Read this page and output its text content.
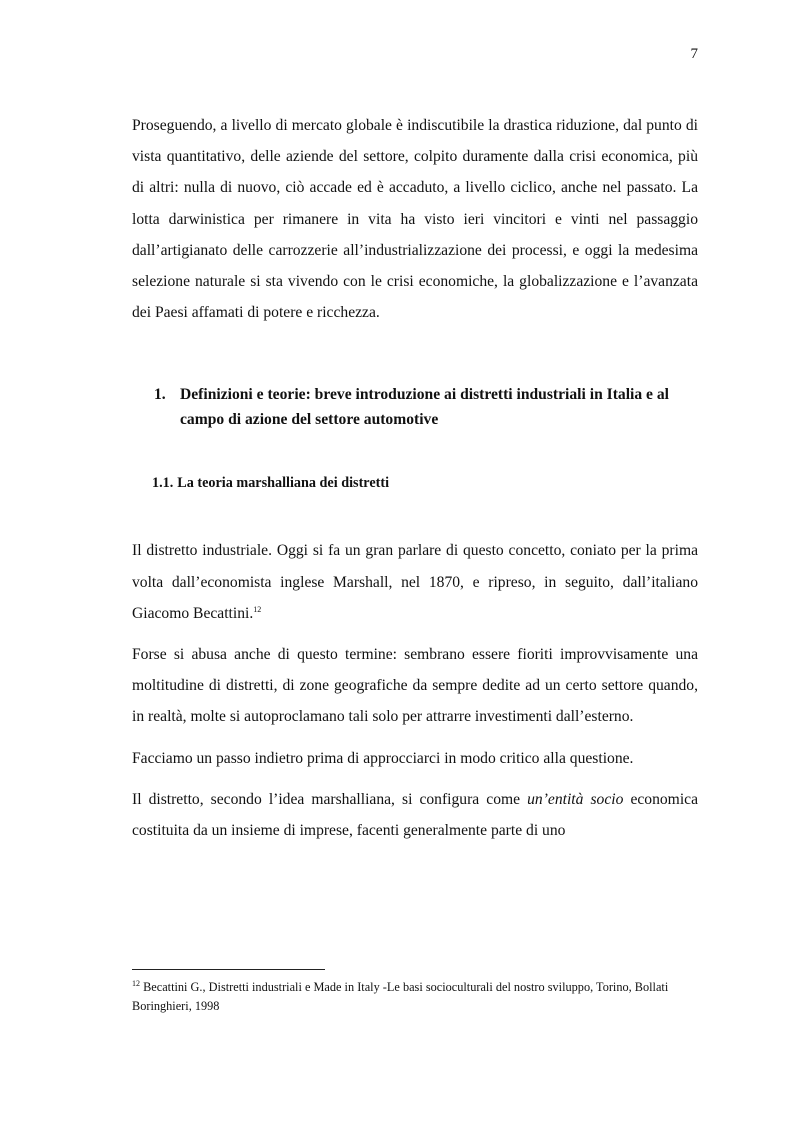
7

Proseguendo, a livello di mercato globale è indiscutibile la drastica riduzione, dal punto di vista quantitativo, delle aziende del settore, colpito duramente dalla crisi economica, più di altri: nulla di nuovo, ciò accade ed è accaduto, a livello ciclico, anche nel passato. La lotta darwinistica per rimanere in vita ha visto ieri vincitori e vinti nel passaggio dall’artigianato delle carrozzerie all’industrializzazione dei processi, e oggi la medesima selezione naturale si sta vivendo con le crisi economiche, la globalizzazione e l’avanzata dei Paesi affamati di potere e ricchezza.

1. Definizioni e teorie: breve introduzione ai distretti industriali in Italia e al campo di azione del settore automotive
1.1. La teoria marshalliana dei distretti

Il distretto industriale. Oggi si fa un gran parlare di questo concetto, coniato per la prima volta dall’economista inglese Marshall, nel 1870, e ripreso, in seguito, dall’italiano Giacomo Becattini.$^{12}$

Forse si abusa anche di questo termine: sembrano essere fioriti improvvisamente una moltitudine di distretti, di zone geografiche da sempre dedite ad un certo settore quando, in realtà, molte si autoproclamano tali solo per attrarre investimenti dall’esterno.

Facciamo un passo indietro prima di approcciarci in modo critico alla questione.

Il distretto, secondo l’idea marshalliana, si configura come un’entità socio economica costituita da un insieme di imprese, facenti generalmente parte di uno

$^{12}$ Becattini G., Distretti industriali e Made in Italy -Le basi socioculturali del nostro sviluppo, Torino, Bollati Boringhieri, 1998
